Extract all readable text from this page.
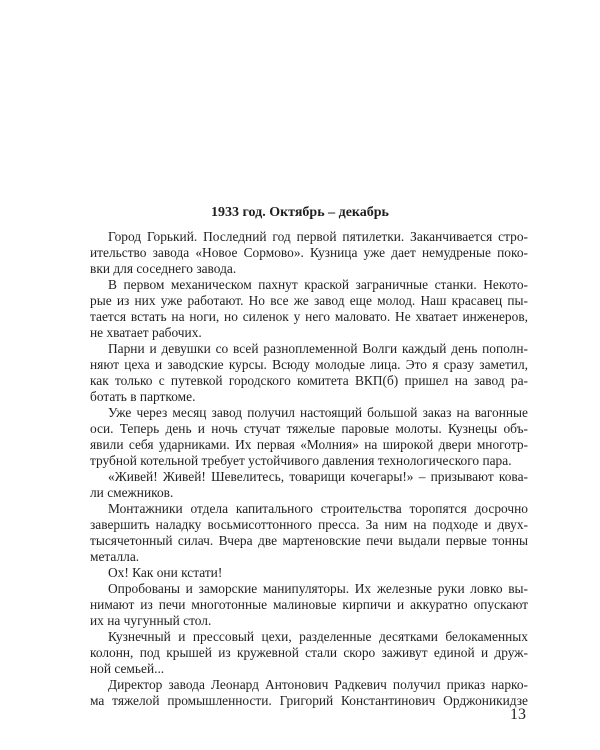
1933 год. Октябрь – декабрь
Город Горький. Последний год первой пятилетки. Заканчивается стро-
ительство завода «Новое Сормово». Кузница уже дает немудреные поко-
вки для соседнего завода.
В первом механическом пахнут краской заграничные станки. Некото-
рые из них уже работают. Но все же завод еще молод. Наш красавец пы-
тается встать на ноги, но силенок у него маловато. Не хватает инженеров,
не хватает рабочих.
Парни и девушки со всей разноплеменной Волги каждый день пополн-
няют цеха и заводские курсы. Всюду молодые лица. Это я сразу заметил,
как только с путевкой городского комитета ВКП(б) пришел на завод ра-
ботать в парткоме.
Уже через месяц завод получил настоящий большой заказ на вагонные
оси. Теперь день и ночь стучат тяжелые паровые молоты. Кузнецы объ-
явили себя ударниками. Их первая «Молния» на широкой двери многотр-
трубной котельной требует устойчивого давления технологического пара.
«Живей! Живей! Шевелитесь, товарищи кочегары!» – призывают кова-
ли смежников.
Монтажники отдела капитального строительства торопятся досрочно
завершить наладку восьмисоттонного пресса. За ним на подходе и двух-
тысячетонный силач. Вчера две мартеновские печи выдали первые тонны
металла.
Ох! Как они кстати!
Опробованы и заморские манипуляторы. Их железные руки ловко вы-
нимают из печи многотонные малиновые кирпичи и аккуратно опускают
их на чугунный стол.
Кузнечный и прессовый цехи, разделенные десятками белокаменных
колонн, под крышей из кружевной стали скоро заживут единой и друж-
ной семьей...
Директор завода Леонард Антонович Радкевич получил приказ нарко-
ма тяжелой промышленности. Григорий Константинович Орджоникидзе
13
